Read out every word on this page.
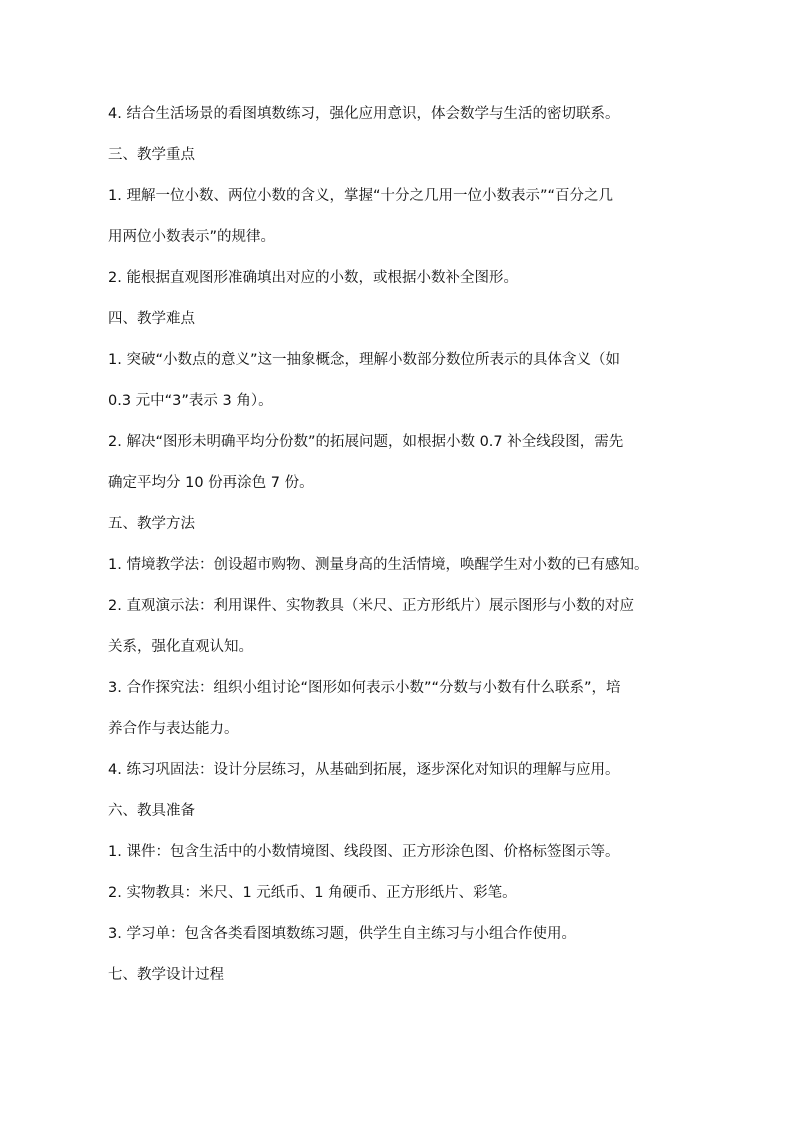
4. 结合生活场景的看图填数练习，强化应用意识，体会数学与生活的密切联系。

三、教学重点

1. 理解一位小数、两位小数的含义，掌握“十分之几用一位小数表示”“百分之几

用两位小数表示”的规律。

2. 能根据直观图形准确填出对应的小数，或根据小数补全图形。

四、教学难点

1. 突破“小数点的意义”这一抽象概念，理解小数部分数位所表示的具体含义（如

0.3 元中“3”表示 3 角）。

2. 解决“图形未明确平均分份数”的拓展问题，如根据小数 0.7 补全线段图，需先

确定平均分 10 份再涂色 7 份。

五、教学方法

1. 情境教学法：创设超市购物、测量身高的生活情境，唤醒学生对小数的已有感知。

2. 直观演示法：利用课件、实物教具（米尺、正方形纸片）展示图形与小数的对应

关系，强化直观认知。

3. 合作探究法：组织小组讨论“图形如何表示小数”“分数与小数有什么联系”，培

养合作与表达能力。

4. 练习巩固法：设计分层练习，从基础到拓展，逐步深化对知识的理解与应用。

六、教具准备

1. 课件：包含生活中的小数情境图、线段图、正方形涂色图、价格标签图示等。

2. 实物教具：米尺、1 元纸币、1 角硬币、正方形纸片、彩笔。

3. 学习单：包含各类看图填数练习题，供学生自主练习与小组合作使用。

七、教学设计过程
